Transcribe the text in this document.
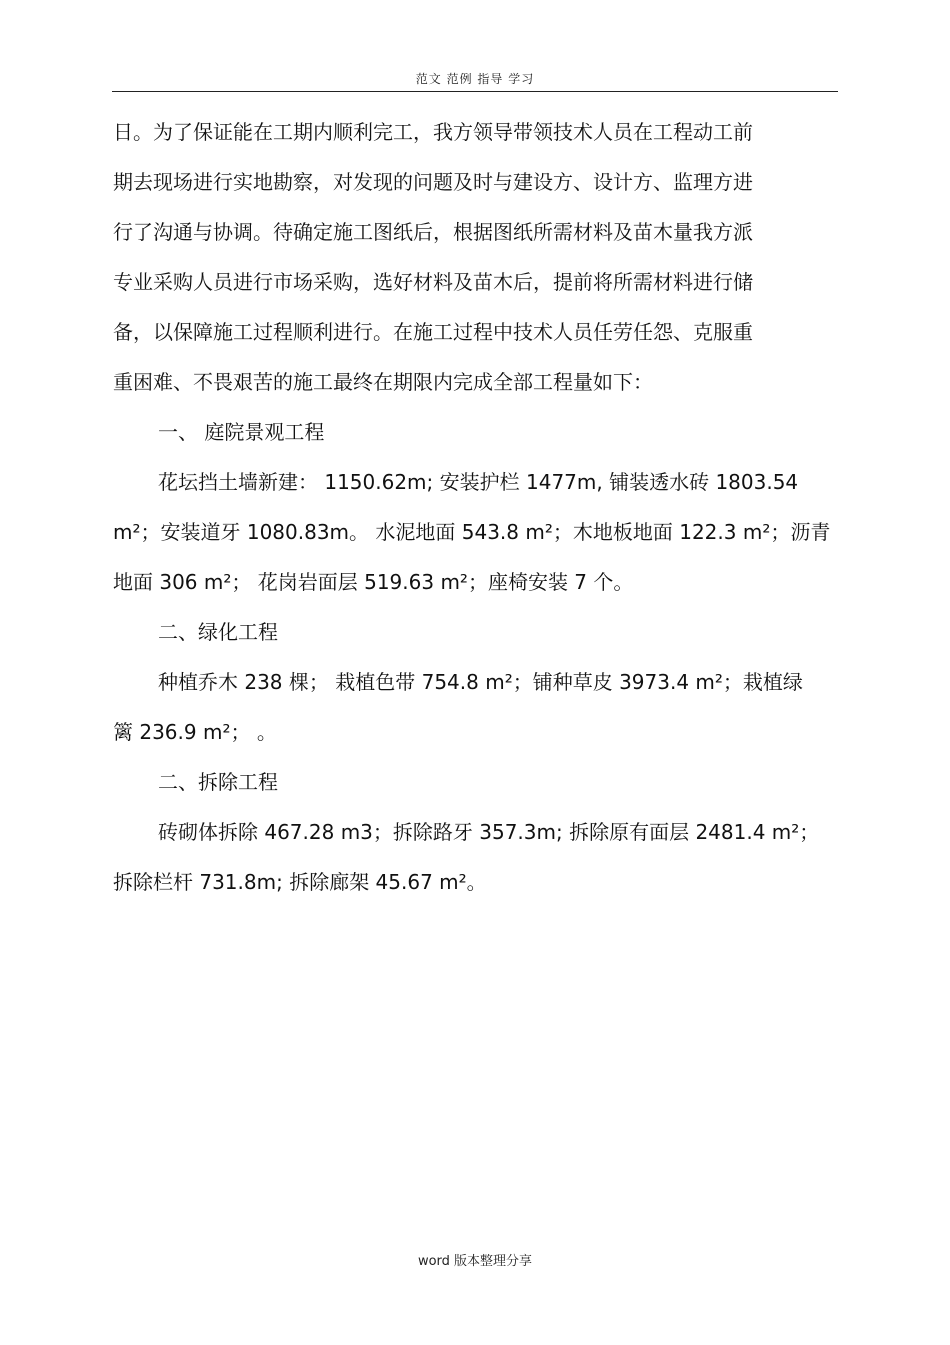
范文 范例 指导 学习
日。为了保证能在工期内顺利完工，我方领导带领技术人员在工程动工前
期去现场进行实地勘察，对发现的问题及时与建设方、设计方、监理方进
行了沟通与协调。待确定施工图纸后，根据图纸所需材料及苗木量我方派
专业采购人员进行市场采购，选好材料及苗木后，提前将所需材料进行储
备，以保障施工过程顺利进行。在施工过程中技术人员任劳任怨、克服重
重困难、不畏艰苦的施工最终在期限内完成全部工程量如下：
一、 庭院景观工程
花坛挡土墙新建： 1150.62m; 安装护栏 1477m, 铺装透水砖 1803.54
m²；安装道牙 1080.83m。 水泥地面 543.8 m²；木地板地面 122.3 m²；沥青
地面 306 m²； 花岗岩面层 519.63 m²；座椅安装 7 个。
二、绿化工程
种植乔木 238 棵； 栽植色带 754.8 m²；铺种草皮 3973.4 m²；栽植绿
篱 236.9 m²； 。
二、拆除工程
砖砌体拆除 467.28 m3；拆除路牙 357.3m; 拆除原有面层 2481.4 m²；
拆除栏杆 731.8m; 拆除廊架 45.67 m²。
word 版本整理分享
